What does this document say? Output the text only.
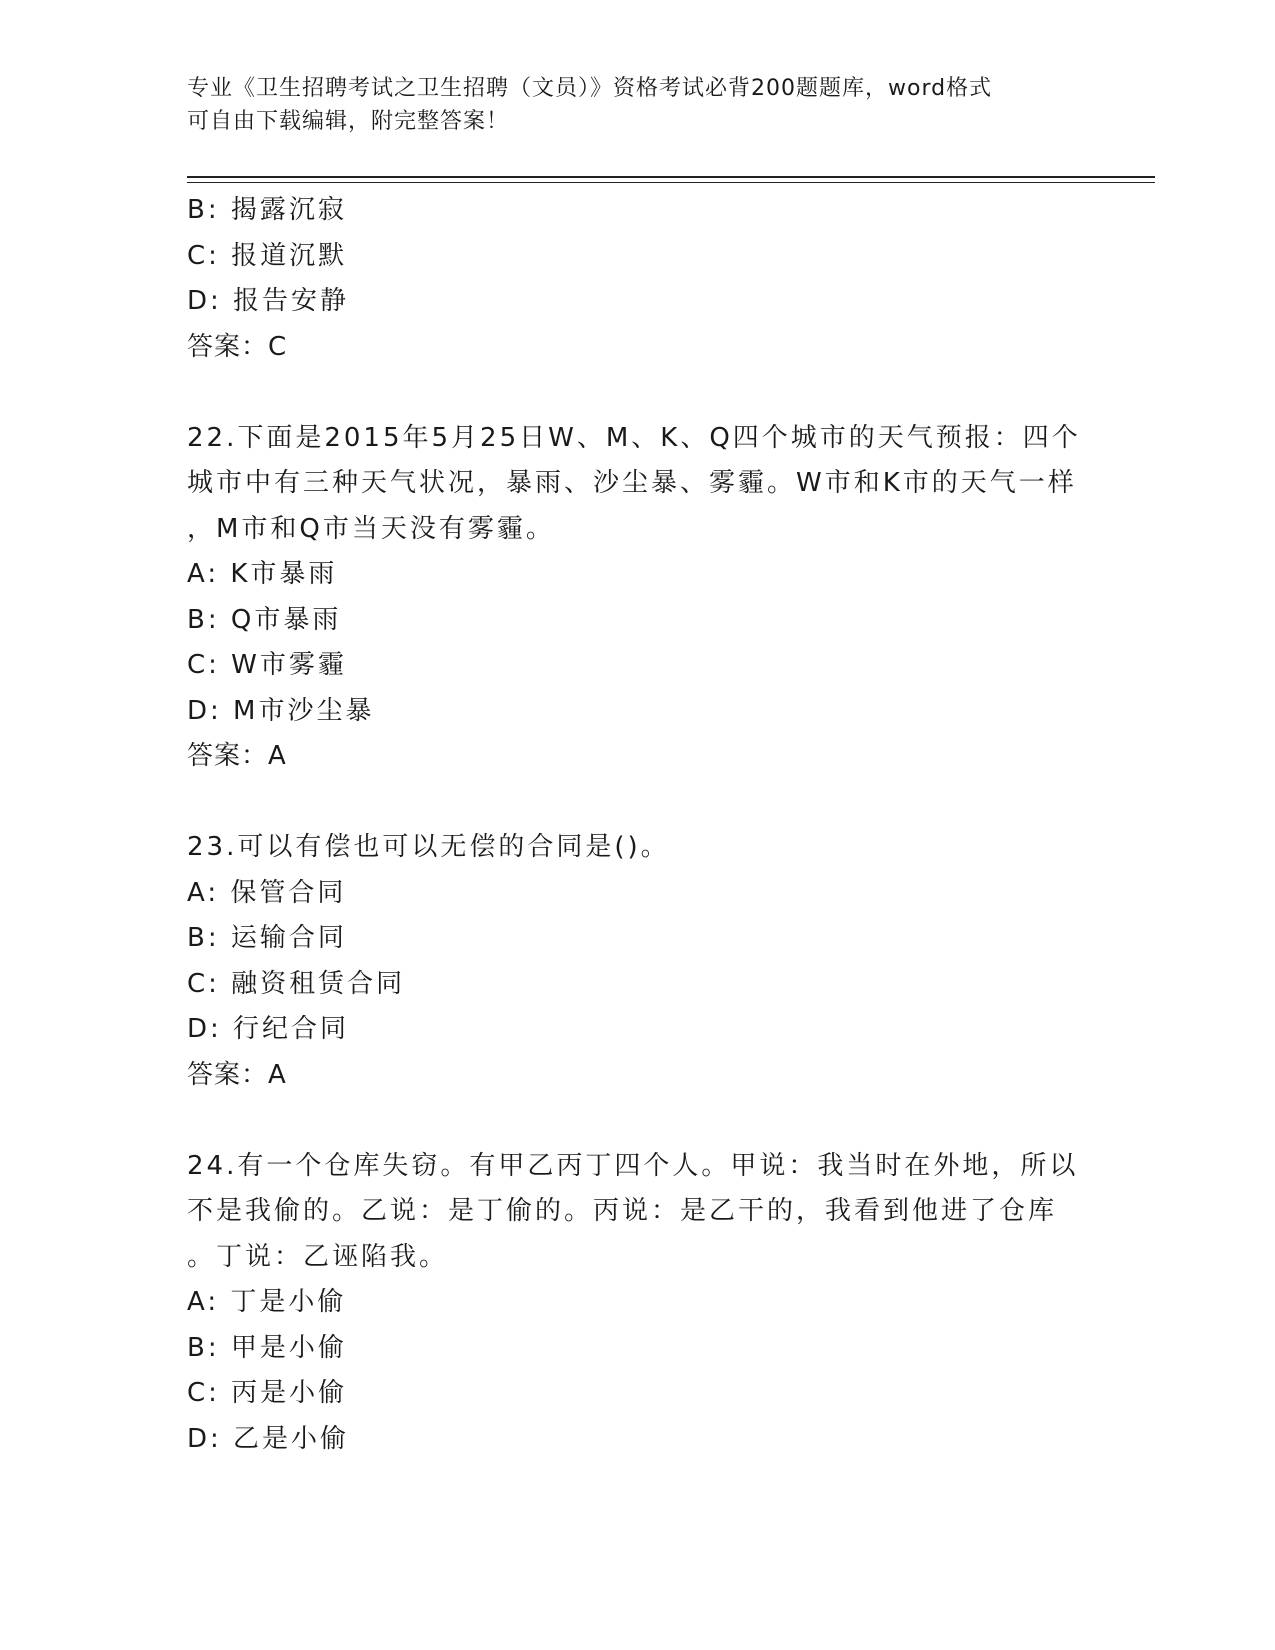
专业《卫生招聘考试之卫生招聘（文员）》资格考试必背200题题库，word格式
可自由下载编辑，附完整答案！
B: 揭露沉寂
C: 报道沉默
D: 报告安静
答案：C
22.下面是2015年5月25日W、M、K、Q四个城市的天气预报：四个
城市中有三种天气状况，暴雨、沙尘暴、雾霾。W市和K市的天气一样
，M市和Q市当天没有雾霾。
A: K市暴雨
B: Q市暴雨
C: W市雾霾
D: M市沙尘暴
答案：A
23.可以有偿也可以无偿的合同是()。
A: 保管合同
B: 运输合同
C: 融资租赁合同
D: 行纪合同
答案：A
24.有一个仓库失窃。有甲乙丙丁四个人。甲说：我当时在外地，所以
不是我偷的。乙说：是丁偷的。丙说：是乙干的，我看到他进了仓库
。丁说：乙诬陷我。
A: 丁是小偷
B: 甲是小偷
C: 丙是小偷
D: 乙是小偷
